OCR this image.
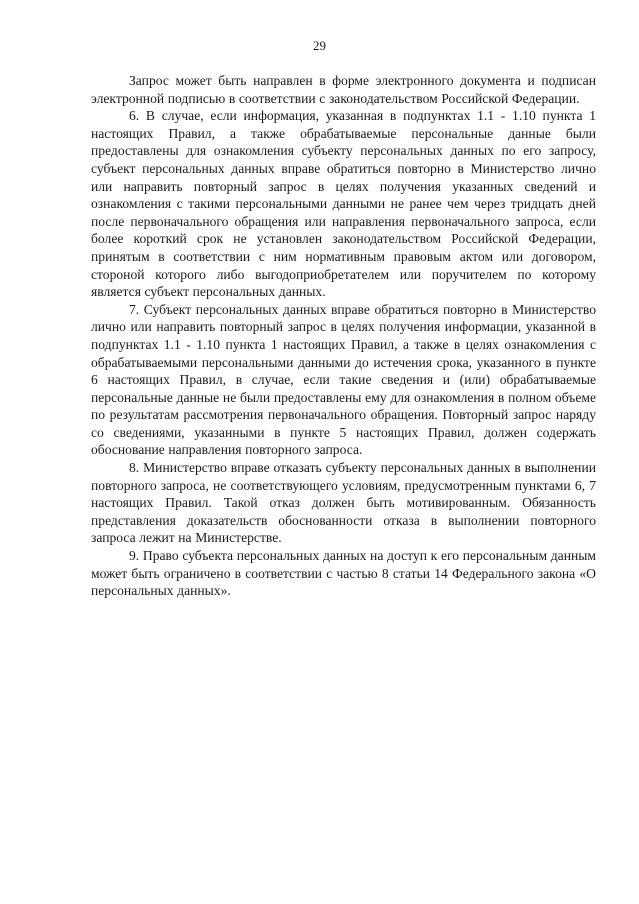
29

Запрос может быть направлен в форме электронного документа и подписан электронной подписью в соответствии с законодательством Российской Федерации.

6. В случае, если информация, указанная в подпунктах 1.1 - 1.10 пункта 1 настоящих Правил, а также обрабатываемые персональные данные были предоставлены для ознакомления субъекту персональных данных по его запросу, субъект персональных данных вправе обратиться повторно в Министерство лично или направить повторный запрос в целях получения указанных сведений и ознакомления с такими персональными данными не ранее чем через тридцать дней после первоначального обращения или направления первоначального запроса, если более короткий срок не установлен законодательством Российской Федерации, принятым в соответствии с ним нормативным правовым актом или договором, стороной которого либо выгодоприобретателем или поручителем по которому является субъект персональных данных.

7. Субъект персональных данных вправе обратиться повторно в Министерство лично или направить повторный запрос в целях получения информации, указанной в подпунктах 1.1 - 1.10 пункта 1 настоящих Правил, а также в целях ознакомления с обрабатываемыми персональными данными до истечения срока, указанного в пункте 6 настоящих Правил, в случае, если такие сведения и (или) обрабатываемые персональные данные не были предоставлены ему для ознакомления в полном объеме по результатам рассмотрения первоначального обращения. Повторный запрос наряду со сведениями, указанными в пункте 5 настоящих Правил, должен содержать обоснование направления повторного запроса.

8. Министерство вправе отказать субъекту персональных данных в выполнении повторного запроса, не соответствующего условиям, предусмотренным пунктами 6, 7 настоящих Правил. Такой отказ должен быть мотивированным. Обязанность представления доказательств обоснованности отказа в выполнении повторного запроса лежит на Министерстве.

9. Право субъекта персональных данных на доступ к его персональным данным может быть ограничено в соответствии с частью 8 статьи 14 Федерального закона «О персональных данных».
